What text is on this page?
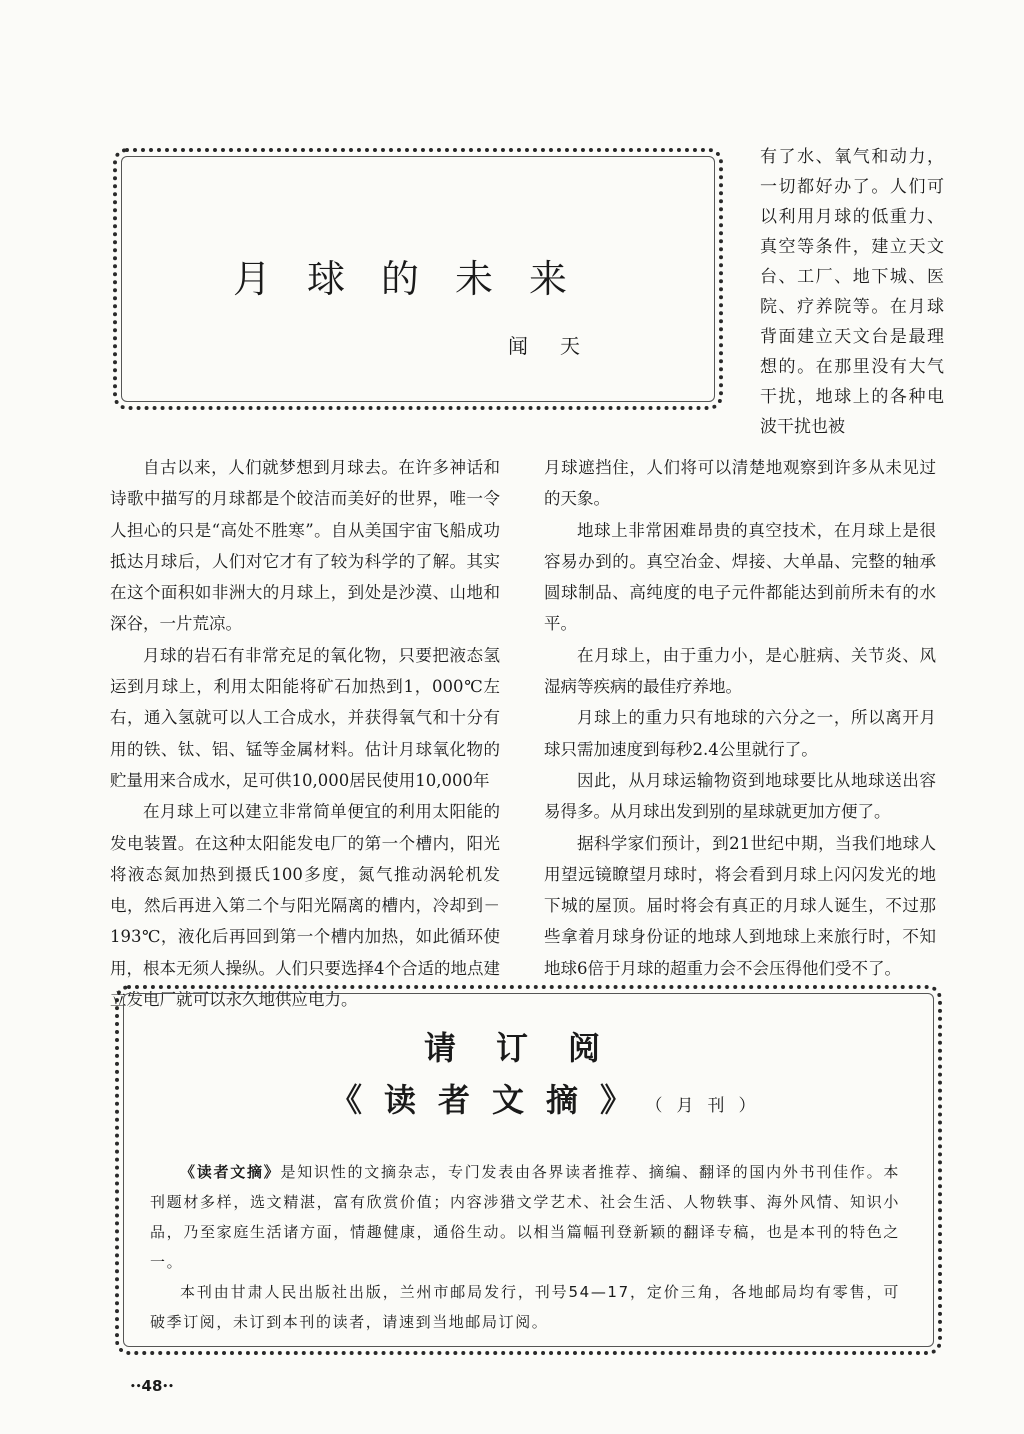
月球的未来
闻天

有了水、氧气和动力，一切都好办了。人们可以利用月球的低重力、真空等条件，建立天文台、工厂、地下城、医院、疗养院等。在月球背面建立天文台是最理想的。在那里没有大气干扰，地球上的各种电波干扰也被

自古以来，人们就梦想到月球去。在许多神话和诗歌中描写的月球都是个皎洁而美好的世界，唯一令人担心的只是“高处不胜寒”。自从美国宇宙飞船成功抵达月球后，人们对它才有了较为科学的了解。其实在这个面积如非洲大的月球上，到处是沙漠、山地和深谷，一片荒凉。

月球的岩石有非常充足的氧化物，只要把液态氢运到月球上，利用太阳能将矿石加热到1，000℃左右，通入氢就可以人工合成水，并获得氧气和十分有用的铁、钛、铝、锰等金属材料。估计月球氧化物的贮量用来合成水，足可供10,000居民使用10,000年

在月球上可以建立非常简单便宜的利用太阳能的发电装置。在这种太阳能发电厂的第一个槽内，阳光将液态氮加热到摄氏100多度，氮气推动涡轮机发电，然后再进入第二个与阳光隔离的槽内，冷却到－193℃，液化后再回到第一个槽内加热，如此循环使用，根本无须人操纵。人们只要选择4个合适的地点建立发电厂就可以永久地供应电力。

月球遮挡住，人们将可以清楚地观察到许多从未见过的天象。

地球上非常困难昂贵的真空技术，在月球上是很容易办到的。真空冶金、焊接、大单晶、完整的轴承圆球制品、高纯度的电子元件都能达到前所未有的水平。

在月球上，由于重力小，是心脏病、关节炎、风湿病等疾病的最佳疗养地。

月球上的重力只有地球的六分之一，所以离开月球只需加速度到每秒2.4公里就行了。

因此，从月球运输物资到地球要比从地球送出容易得多。从月球出发到别的星球就更加方便了。

据科学家们预计，到21世纪中期，当我们地球人用望远镜瞭望月球时，将会看到月球上闪闪发光的地下城的屋顶。届时将会有真正的月球人诞生，不过那些拿着月球身份证的地球人到地球上来旅行时，不知地球6倍于月球的超重力会不会压得他们受不了。

请订阅
《读者文摘》（月刊）

《读者文摘》是知识性的文摘杂志，专门发表由各界读者推荐、摘编、翻译的国内外书刊佳作。本刊题材多样，选文精湛，富有欣赏价值；内容涉猎文学艺术、社会生活、人物轶事、海外风情、知识小品，乃至家庭生活诸方面，情趣健康，通俗生动。以相当篇幅刊登新颖的翻译专稿，也是本刊的特色之一。

本刊由甘肃人民出版社出版，兰州市邮局发行，刊号54—17，定价三角，各地邮局均有零售，可破季订阅，未订到本刊的读者，请速到当地邮局订阅。

•• 48 ••
